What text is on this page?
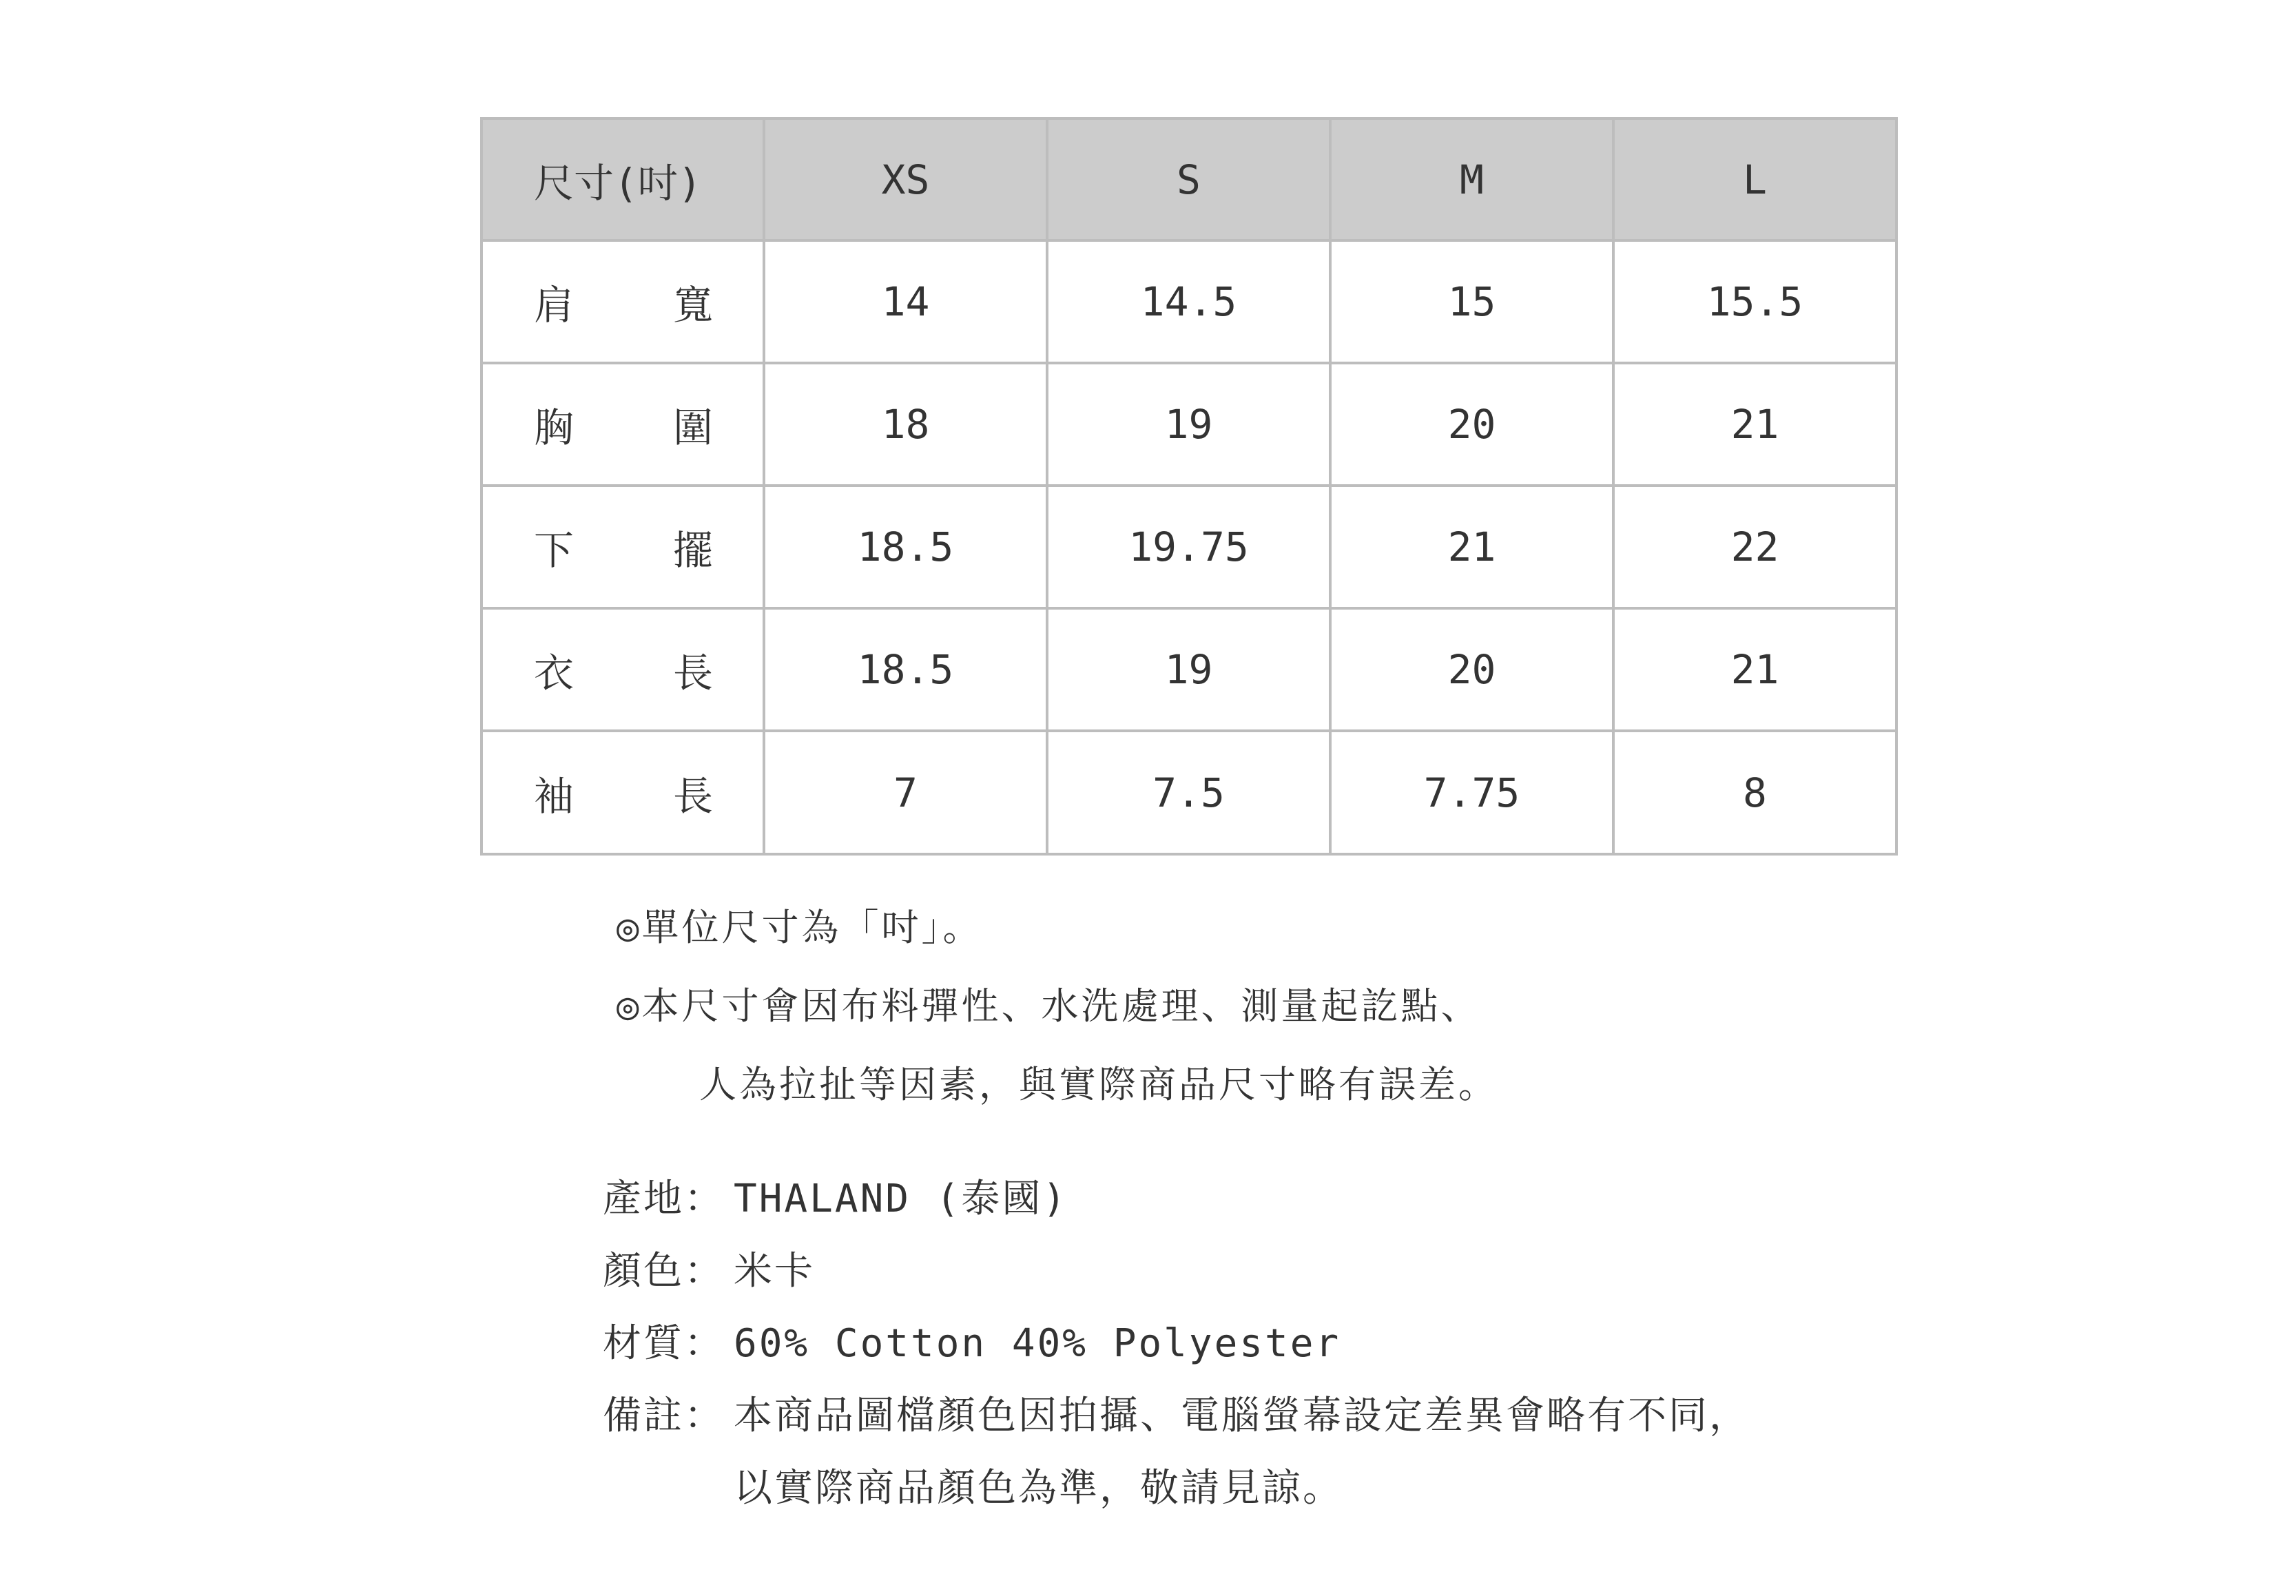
尺寸(吋)	XS	S	M	L

肩 寬	14	14.5	15	15.5

胸 圍	18	19	20	21

下 擺	18.5	19.75	21	22

衣 長	18.5	19	20	21

袖 長	7	7.5	7.75	8
◎單位尺寸為「吋」。
◎本尺寸會因布料彈性、水洗處理、測量起訖點、
人為拉扯等因素，與實際商品尺寸略有誤差。
產地： THALAND (泰國)
顏色： 米卡
材質： 60% Cotton 40% Polyester
備註： 本商品圖檔顏色因拍攝、電腦螢幕設定差異會略有不同，
以實際商品顏色為準，敬請見諒。
